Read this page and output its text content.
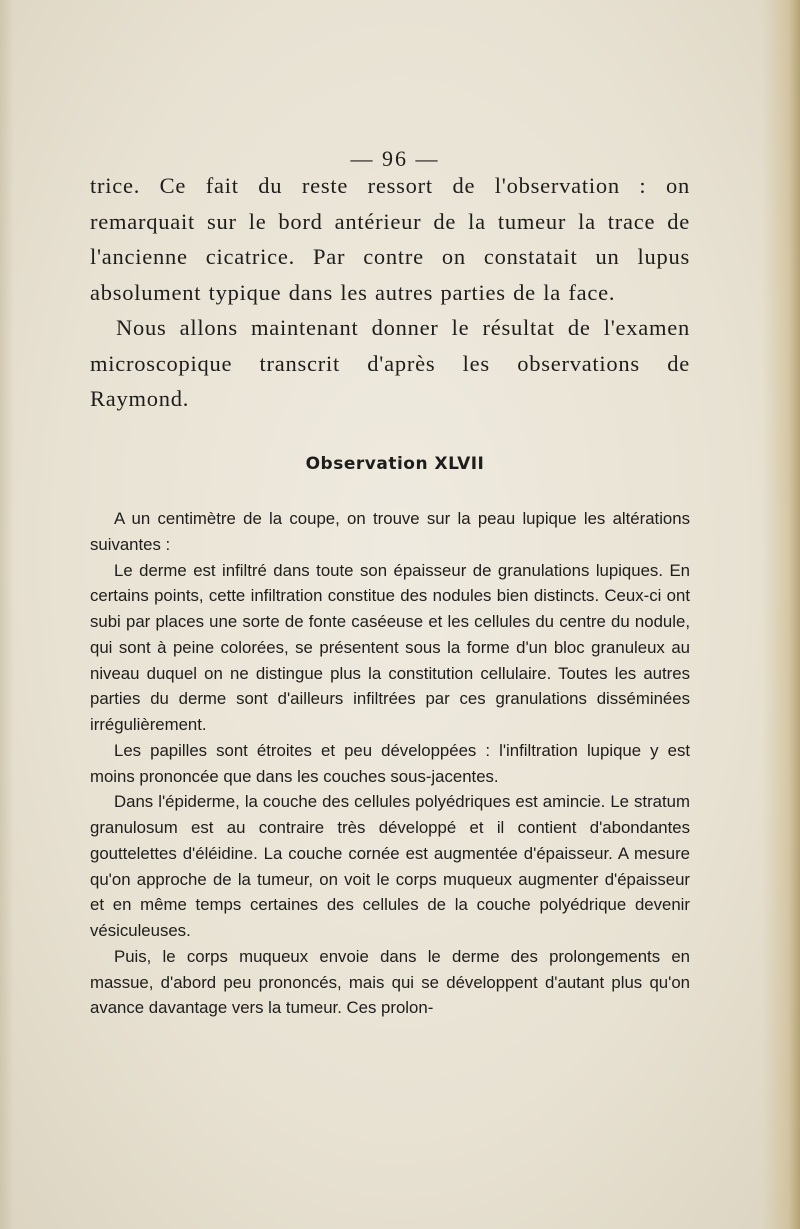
— 96 —

trice. Ce fait du reste ressort de l'observation : on remarquait sur le bord antérieur de la tumeur la trace de l'ancienne cicatrice. Par contre on constatait un lupus absolument typique dans les autres parties de la face.

Nous allons maintenant donner le résultat de l'examen microscopique transcrit d'après les observations de Raymond.

Observation XLVII

A un centimètre de la coupe, on trouve sur la peau lupique les altérations suivantes :

Le derme est infiltré dans toute son épaisseur de granulations lupiques. En certains points, cette infiltration constitue des nodules bien distincts. Ceux-ci ont subi par places une sorte de fonte caséeuse et les cellules du centre du nodule, qui sont à peine colorées, se présentent sous la forme d'un bloc granuleux au niveau duquel on ne distingue plus la constitution cellulaire. Toutes les autres parties du derme sont d'ailleurs infiltrées par ces granulations disséminées irrégulièrement.

Les papilles sont étroites et peu développées : l'infiltration lupique y est moins prononcée que dans les couches sous-jacentes.

Dans l'épiderme, la couche des cellules polyédriques est amincie. Le stratum granulosum est au contraire très développé et il contient d'abondantes gouttelettes d'éléidine. La couche cornée est augmentée d'épaisseur. A mesure qu'on approche de la tumeur, on voit le corps muqueux augmenter d'épaisseur et en même temps certaines des cellules de la couche polyédrique devenir vésiculeuses.

Puis, le corps muqueux envoie dans le derme des prolongements en massue, d'abord peu prononcés, mais qui se développent d'autant plus qu'on avance davantage vers la tumeur. Ces prolon-
